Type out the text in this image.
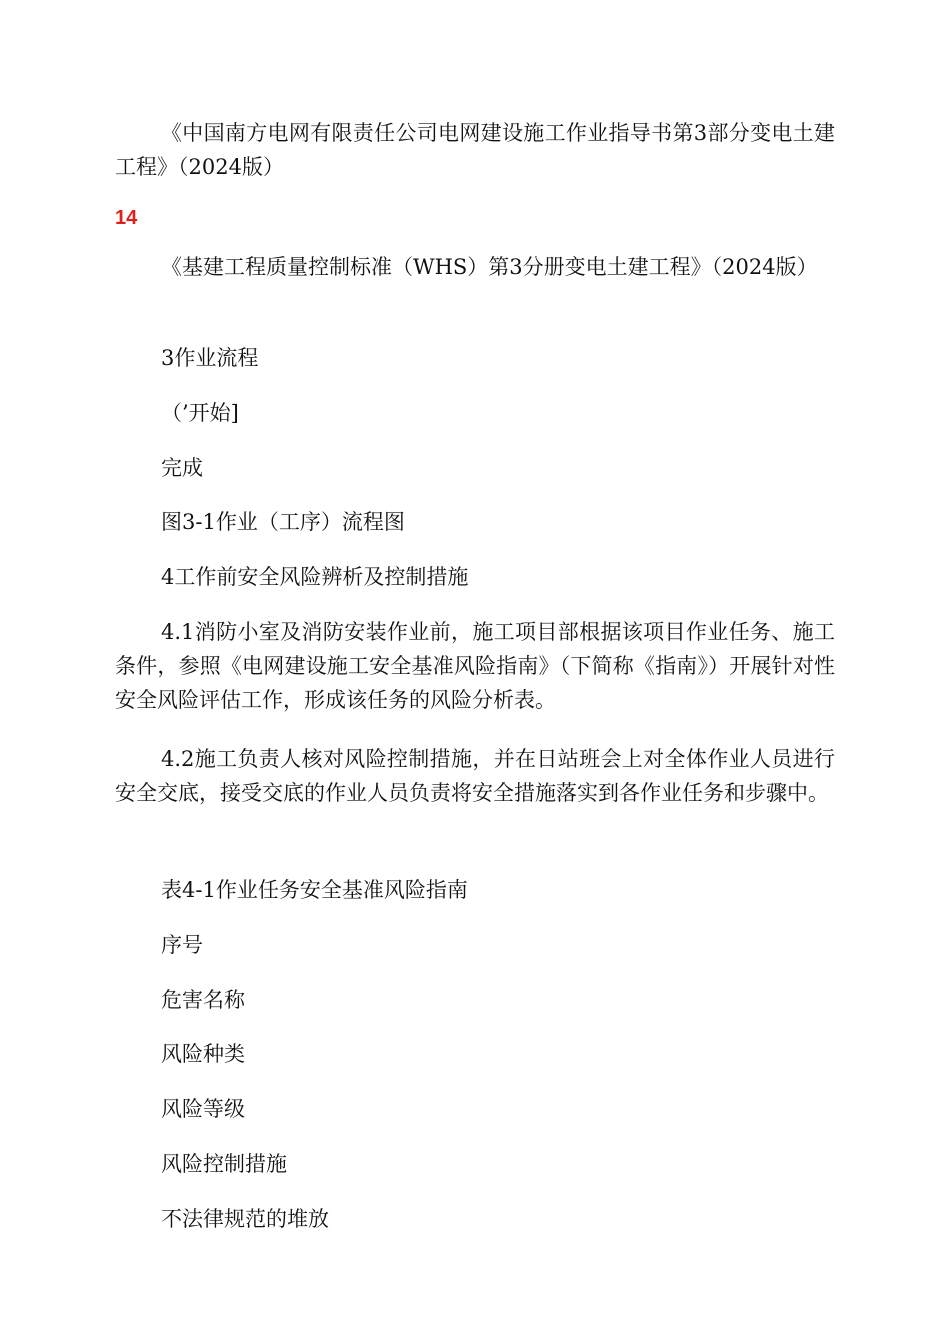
《中国南方电网有限责任公司电网建设施工作业指导书第3部分变电土建工程》（2024版）

14

《基建工程质量控制标准（WHS）第3分册变电土建工程》（2024版）

3作业流程

（’开始]

完成

图3-1作业（工序）流程图

4工作前安全风险辨析及控制措施

4.1消防小室及消防安装作业前，施工项目部根据该项目作业任务、施工条件，参照《电网建设施工安全基准风险指南》（下简称《指南》）开展针对性安全风险评估工作，形成该任务的风险分析表。

4.2施工负责人核对风险控制措施，并在日站班会上对全体作业人员进行安全交底，接受交底的作业人员负责将安全措施落实到各作业任务和步骤中。

表4-1作业任务安全基准风险指南

序号

危害名称

风险种类

风险等级

风险控制措施

不法律规范的堆放
